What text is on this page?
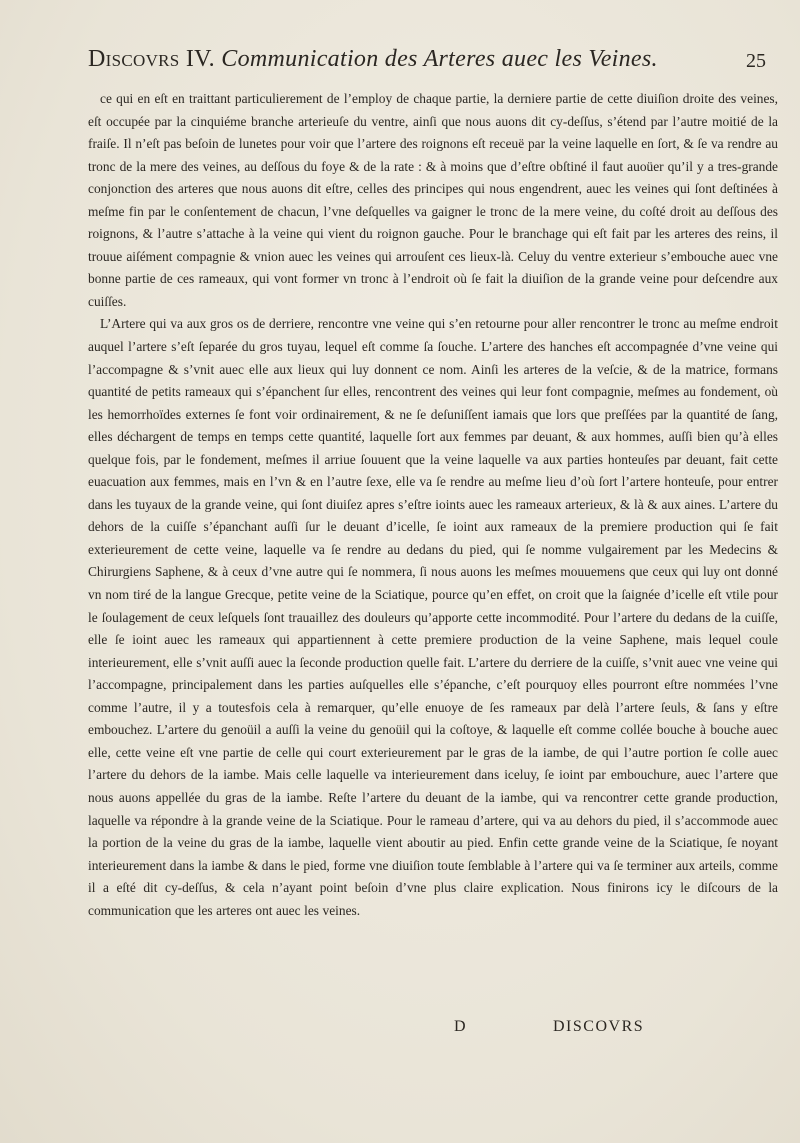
Discovrs IV. Communication des Arteres auec les Veines.	25

ce qui en eſt en traittant particulierement de l’employ de chaque partie, la derniere partie de cette diuiſion droite des veines, eſt occupée par la cinquiéme branche arterieuſe du ventre, ainſi que nous auons dit cy-deſſus, s’étend par l’autre moitié de la fraiſe. Il n’eſt pas beſoin de lunetes pour voir que l’artere des roignons eſt receuë par la veine laquelle en ſort, & ſe va rendre au tronc de la mere des veines, au deſſous du foye & de la rate : & à moins que d’eſtre obſtiné il faut auoüer qu’il y a tres-grande conjonction des arteres que nous auons dit eſtre, celles des principes qui nous engendrent, auec les veines qui ſont deſtinées à meſme fin par le conſentement de chacun, l’vne deſquelles va gaigner le tronc de la mere veine, du coſté droit au deſſous des roignons, & l’autre s’attache à la veine qui vient du roignon gauche. Pour le branchage qui eſt fait par les arteres des reins, il trouue aiſément compagnie & vnion auec les veines qui arrouſent ces lieux-là. Celuy du ventre exterieur s’embouche auec vne bonne partie de ces rameaux, qui vont former vn tronc à l’endroit où ſe fait la diuiſion de la grande veine pour deſcendre aux cuiſſes.

L’Artere qui va aux gros os de derriere, rencontre vne veine qui s’en retourne pour aller rencontrer le tronc au meſme endroit auquel l’artere s’eſt ſeparée du gros tuyau, lequel eſt comme ſa ſouche. L’artere des hanches eſt accompagnée d’vne veine qui l’accompagne & s’vnit auec elle aux lieux qui luy donnent ce nom. Ainſi les arteres de la veſcie, & de la matrice, formans quantité de petits rameaux qui s’épanchent ſur elles, rencontrent des veines qui leur font compagnie, meſmes au fondement, où les hemorrhoïdes externes ſe font voir ordinairement, & ne ſe deſuniſſent iamais que lors que preſſées par la quantité de ſang, elles déchargent de temps en temps cette quantité, laquelle ſort aux femmes par deuant, & aux hommes, auſſi bien qu’à elles quelque fois, par le fondement, meſmes il arriue ſouuent que la veine laquelle va aux parties honteuſes par deuant, fait cette euacuation aux femmes, mais en l’vn & en l’autre ſexe, elle va ſe rendre au meſme lieu d’où ſort l’artere honteuſe, pour entrer dans les tuyaux de la grande veine, qui ſont diuiſez apres s’eſtre ioints auec les rameaux arterieux, & là & aux aines. L’artere du dehors de la cuiſſe s’épanchant auſſi ſur le deuant d’icelle, ſe ioint aux rameaux de la premiere production qui ſe fait exterieurement de cette veine, laquelle va ſe rendre au dedans du pied, qui ſe nomme vulgairement par les Medecins & Chirurgiens Saphene, & à ceux d’vne autre qui ſe nommera, ſi nous auons les meſmes mouuemens que ceux qui luy ont donné vn nom tiré de la langue Grecque, petite veine de la Sciatique, pource qu’en effet, on croit que la ſaignée d’icelle eſt vtile pour le ſoulagement de ceux leſquels ſont trauaillez des douleurs qu’apporte cette incommodité. Pour l’artere du dedans de la cuiſſe, elle ſe ioint auec les rameaux qui appartiennent à cette premiere production de la veine Saphene, mais lequel coule interieurement, elle s’vnit auſſi auec la ſeconde production quelle fait. L’artere du derriere de la cuiſſe, s’vnit auec vne veine qui l’accompagne, principalement dans les parties auſquelles elle s’épanche, c’eſt pourquoy elles pourront eſtre nommées l’vne comme l’autre, il y a toutesfois cela à remarquer, qu’elle enuoye de ſes rameaux par delà l’artere ſeuls, & ſans y eſtre embouchez. L’artere du genoüil a auſſi la veine du genoüil qui la coſtoye, & laquelle eſt comme collée bouche à bouche auec elle, cette veine eſt vne partie de celle qui court exterieurement par le gras de la iambe, de qui l’autre portion ſe colle auec l’artere du dehors de la iambe. Mais celle laquelle va interieurement dans iceluy, ſe ioint par embouchure, auec l’artere que nous auons appellée du gras de la iambe. Reſte l’artere du deuant de la iambe, qui va rencontrer cette grande production, laquelle va répondre à la grande veine de la Sciatique. Pour le rameau d’artere, qui va au dehors du pied, il s’accommode auec la portion de la veine du gras de la iambe, laquelle vient aboutir au pied. Enfin cette grande veine de la Sciatique, ſe noyant interieurement dans la iambe & dans le pied, forme vne diuiſion toute ſemblable à l’artere qui va ſe terminer aux arteils, comme il a eſté dit cy-deſſus, & cela n’ayant point beſoin d’vne plus claire explication. Nous finirons icy le diſcours de la communication que les arteres ont auec les veines.

D	DISCOVRS
